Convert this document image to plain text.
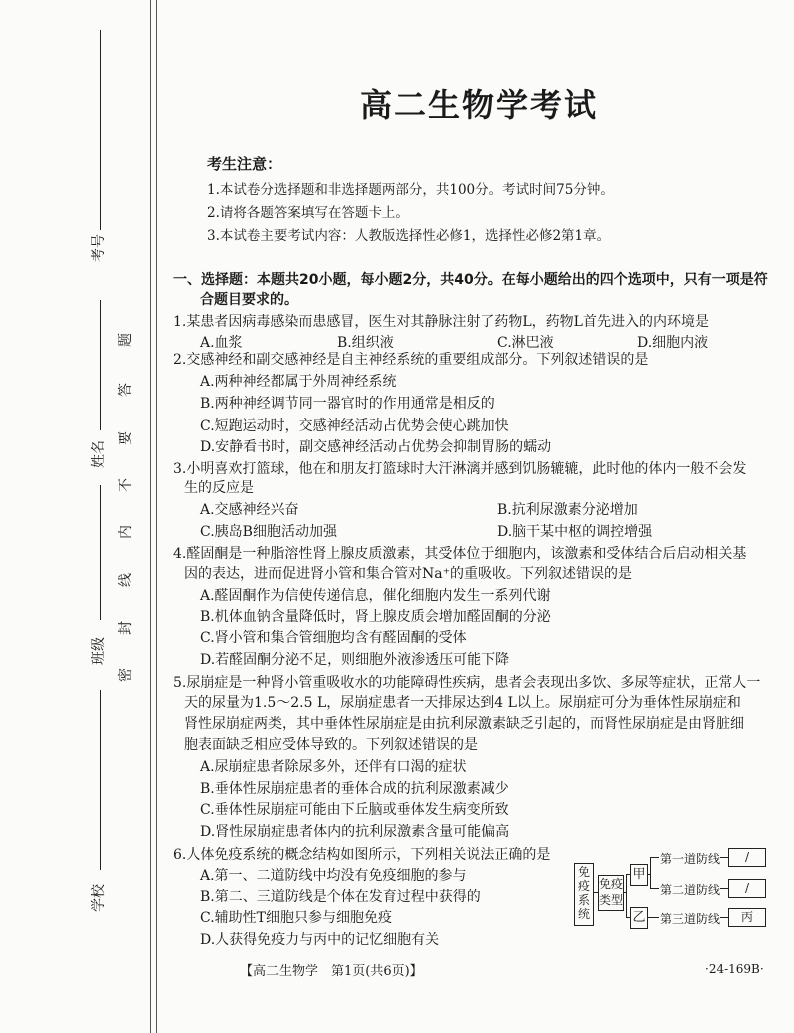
考号
姓名
班级
学校
题
答
要
不
内
线
封
密
高二生物学考试
考生注意：
1.本试卷分选择题和非选择题两部分，共100分。考试时间75分钟。
2.请将各题答案填写在答题卡上。
3.本试卷主要考试内容：人教版选择性必修1，选择性必修2第1章。
一、选择题：本题共20小题，每小题2分，共40分。在每小题给出的四个选项中，只有一项是符
合题目要求的。
1.某患者因病毒感染而患感冒，医生对其静脉注射了药物L，药物L首先进入的内环境是
A.血浆	B.组织液	C.淋巴液	D.细胞内液
2.交感神经和副交感神经是自主神经系统的重要组成部分。下列叙述错误的是
A.两种神经都属于外周神经系统
B.两种神经调节同一器官时的作用通常是相反的
C.短跑运动时，交感神经活动占优势会使心跳加快
D.安静看书时，副交感神经活动占优势会抑制胃肠的蠕动
3.小明喜欢打篮球，他在和朋友打篮球时大汗淋漓并感到饥肠辘辘，此时他的体内一般不会发
生的反应是
A.交感神经兴奋	B.抗利尿激素分泌增加
C.胰岛B细胞活动加强	D.脑干某中枢的调控增强
4.醛固酮是一种脂溶性肾上腺皮质激素，其受体位于细胞内，该激素和受体结合后启动相关基
因的表达，进而促进肾小管和集合管对Na⁺的重吸收。下列叙述错误的是
A.醛固酮作为信使传递信息，催化细胞内发生一系列代谢
B.机体血钠含量降低时，肾上腺皮质会增加醛固酮的分泌
C.肾小管和集合管细胞均含有醛固酮的受体
D.若醛固酮分泌不足，则细胞外液渗透压可能下降
5.尿崩症是一种肾小管重吸收水的功能障碍性疾病，患者会表现出多饮、多尿等症状，正常人一
天的尿量为1.5～2.5 L，尿崩症患者一天排尿达到4 L以上。尿崩症可分为垂体性尿崩症和
肾性尿崩症两类，其中垂体性尿崩症是由抗利尿激素缺乏引起的，而肾性尿崩症是由肾脏细
胞表面缺乏相应受体导致的。下列叙述错误的是
A.尿崩症患者除尿多外，还伴有口渴的症状
B.垂体性尿崩症患者的垂体合成的抗利尿激素减少
C.垂体性尿崩症可能由下丘脑或垂体发生病变所致
D.肾性尿崩症患者体内的抗利尿激素含量可能偏高
6.人体免疫系统的概念结构如图所示，下列相关说法正确的是
A.第一、二道防线中均没有免疫细胞的参与
B.第二、三道防线是个体在发育过程中获得的
C.辅助性T细胞只参与细胞免疫
D.人获得免疫力与丙中的记忆细胞有关
免
疫
系
统
免疫
类型
甲
乙
第一道防线	/
第二道防线	/
第三道防线	丙
【高二生物学　第1页(共6页)】	·24-169B·
